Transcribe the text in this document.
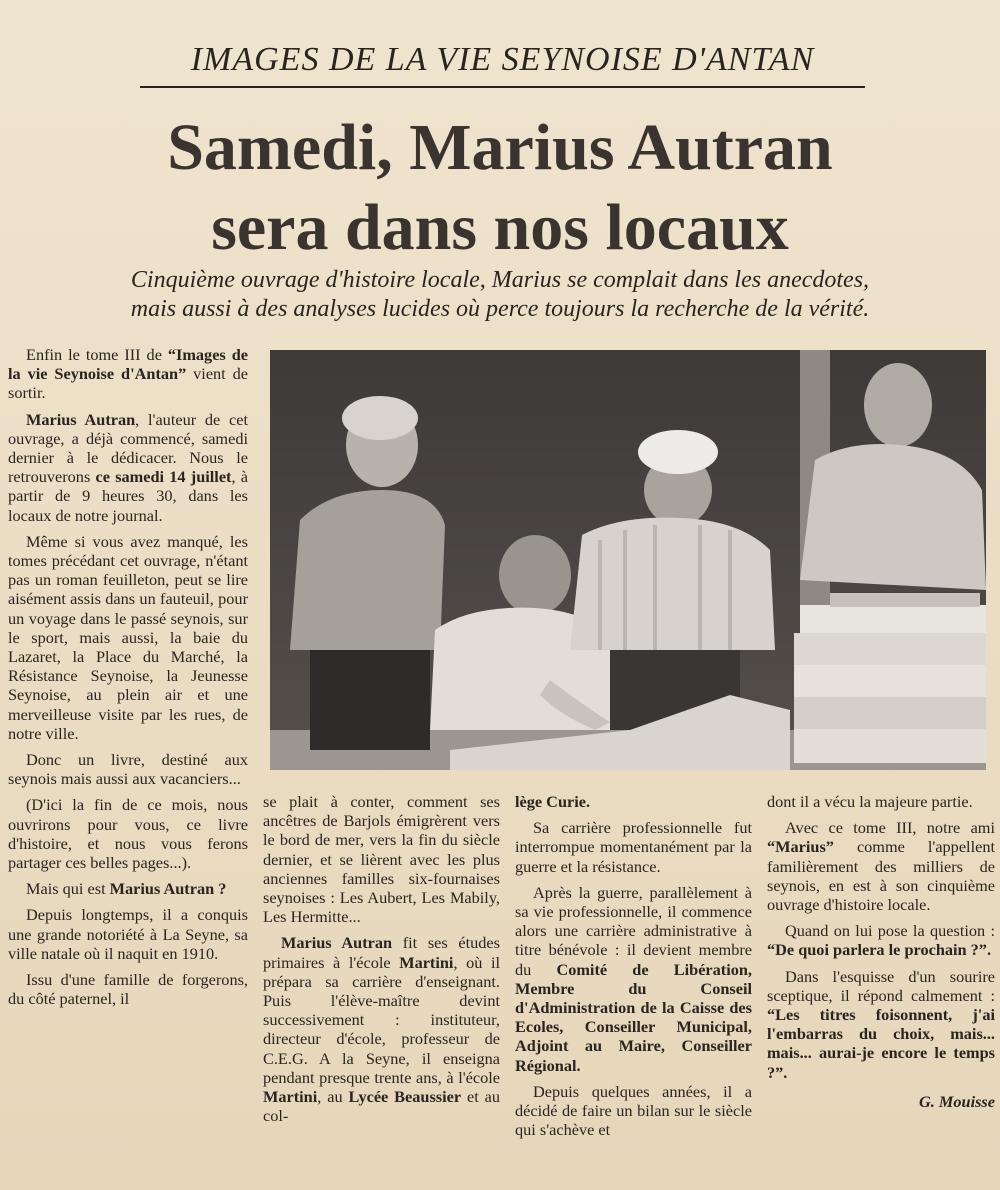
IMAGES DE LA VIE SEYNOISE D'ANTAN
Samedi, Marius Autran
sera dans nos locaux
Cinquième ouvrage d'histoire locale, Marius se complait dans les anecdotes,
mais aussi à des analyses lucides où perce toujours la recherche de la vérité.

Enfin le tome III de “Images de la vie Seynoise d'Antan” vient de sortir.

Marius Autran, l'auteur de cet ouvrage, a déjà commencé, samedi dernier à le dédicacer. Nous le retrouverons ce samedi 14 juillet, à partir de 9 heures 30, dans les locaux de notre journal.

Même si vous avez manqué, les tomes précédant cet ouvrage, n'étant pas un roman feuilleton, peut se lire aisément assis dans un fauteuil, pour un voyage dans le passé seynois, sur le sport, mais aussi, la baie du Lazaret, la Place du Marché, la Résistance Seynoise, la Jeunesse Seynoise, au plein air et une merveilleuse visite par les rues, de notre ville.

Donc un livre, destiné aux seynois mais aussi aux vacanciers...

(D'ici la fin de ce mois, nous ouvrirons pour vous, ce livre d'histoire, et nous vous ferons partager ces belles pages...).

Mais qui est Marius Autran ?

Depuis longtemps, il a conquis une grande notoriété à La Seyne, sa ville natale où il naquit en 1910.

Issu d'une famille de forgerons, du côté paternel, il

se plait à conter, comment ses ancêtres de Barjols émigrèrent vers le bord de mer, vers la fin du siècle dernier, et se lièrent avec les plus anciennes familles six-fournaises seynoises : Les Aubert, Les Mabily, Les Hermitte...

Marius Autran fit ses études primaires à l'école Martini, où il prépara sa carrière d'enseignant. Puis l'élève-maître devint successivement : instituteur, directeur d'école, professeur de C.E.G. A la Seyne, il enseigna pendant presque trente ans, à l'école Martini, au Lycée Beaussier et au col-

lège Curie.

Sa carrière professionnelle fut interrompue momentanément par la guerre et la résistance.

Après la guerre, parallèlement à sa vie professionnelle, il commence alors une carrière administrative à titre bénévole : il devient membre du Comité de Libération, Membre du Conseil d'Administration de la Caisse des Ecoles, Conseiller Municipal, Adjoint au Maire, Conseiller Régional.

Depuis quelques années, il a décidé de faire un bilan sur le siècle qui s'achève et

dont il a vécu la majeure partie.

Avec ce tome III, notre ami “Marius” comme l'appellent familièrement des milliers de seynois, en est à son cinquième ouvrage d'histoire locale.

Quand on lui pose la question : “De quoi parlera le prochain ?”.

Dans l'esquisse d'un sourire sceptique, il répond calmement : “Les titres foisonnent, j'ai l'embarras du choix, mais... mais... aurai-je encore le temps ?”.

G. Mouisse
